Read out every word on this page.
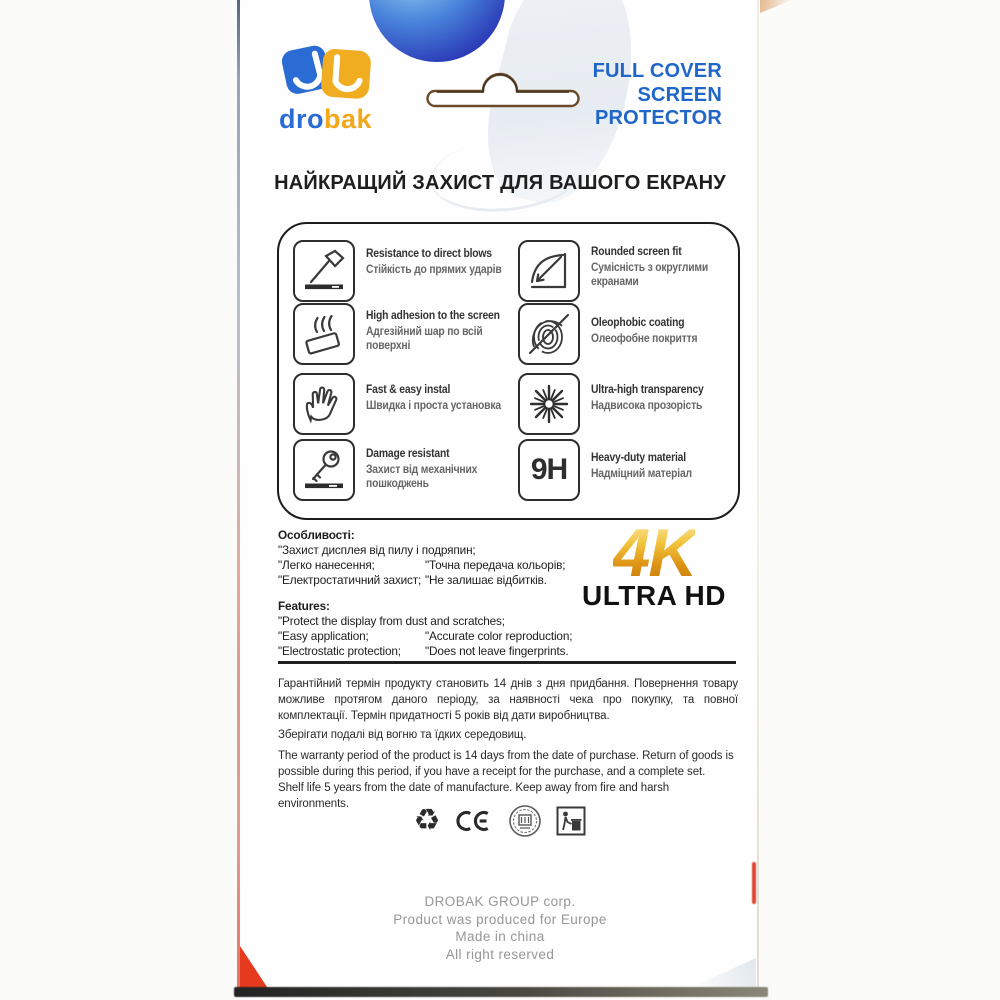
drobak
FULL COVER
SCREEN
PROTECTOR
НАЙКРАЩИЙ ЗАХИСТ ДЛЯ ВАШОГО ЕКРАНУ
Resistance to direct blows
Стійкість до прямих ударів
High adhesion to the screen
Адгезійний шар по всій поверхні
Fast & easy instal
Швидка і проста установка
Damage resistant
Захист від механічних пошкоджень	9H
Rounded screen fit
Сумісність з округлими екранами
Oleophobic coating
Олеофобне покриття
Ultra-high transparency
Надвисока прозорість
Heavy-duty material
Надміцний матеріал
Особливості:
"Захист дисплея від пилу і подряпин;
"Легко нанесення;	"Точна передача кольорів;
"Електростатичний захист; "Не залишає відбитків.
Features:
"Protect the display from dust and scratches;
"Easy application;	"Accurate color reproduction;
"Electrostatic protection;	"Does not leave fingerprints.
4K
ULTRA HD
Гарантійний термін продукту становить 14 днів з дня придбання. Повернення товару можливе протягом даного періоду, за наявності чека про покупку, та повної комплектації. Термін придатності 5 років від дати виробництва.
Зберігати подалі від вогню та їдких середовищ.
The warranty period of the product is 14 days from the date of purchase. Return of goods is possible during this period, if you have a receipt for the purchase, and a complete set.
Shelf life 5 years from the date of manufacture. Keep away from fire and harsh environments.	♻
DROBAK GROUP corp.
Product was produced for Europe
Made in china
All right reserved
